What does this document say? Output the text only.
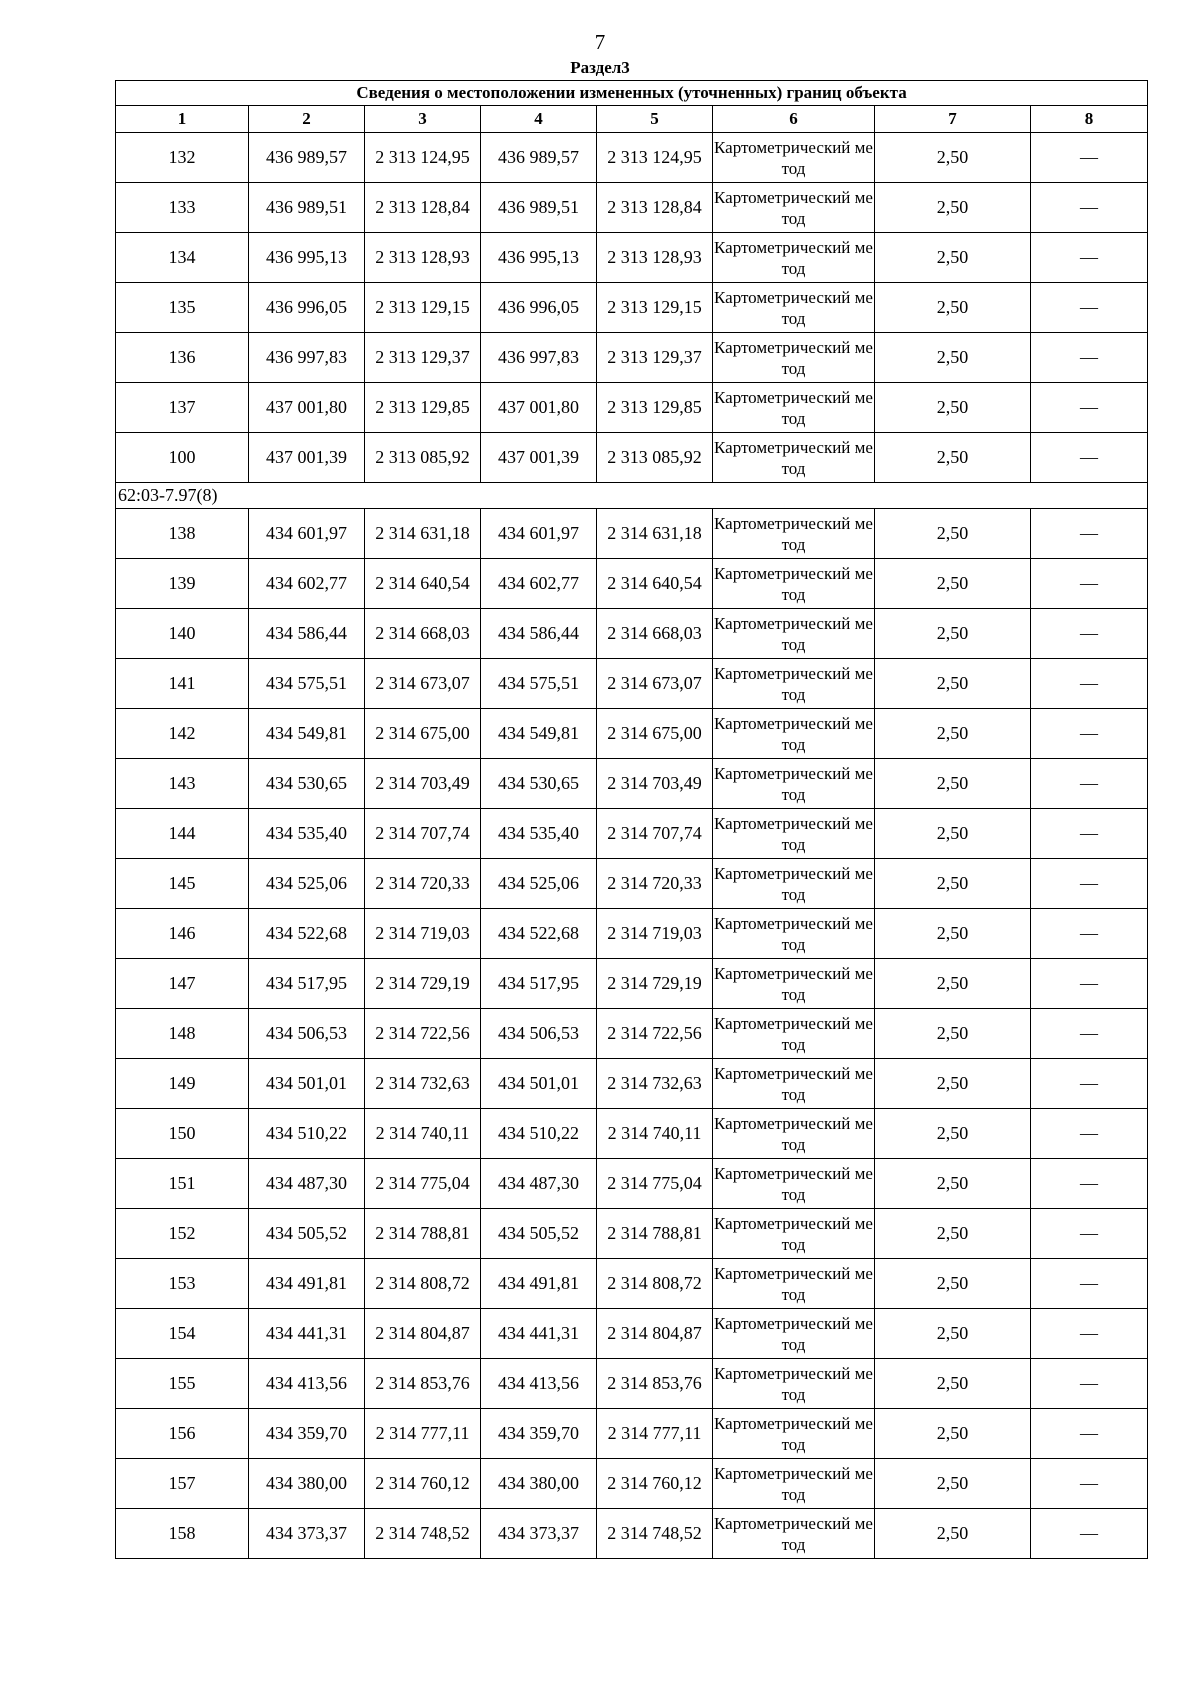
7
Раздел3
Сведения о местоположении измененных (уточненных) границ объекта							
1	2	3	4	5	6	7	8
132	436 989,57	2 313 124,95	436 989,57	2 313 124,95	Картометрический метод	2,50	—
133	436 989,51	2 313 128,84	436 989,51	2 313 128,84	Картометрический метод	2,50	—
134	436 995,13	2 313 128,93	436 995,13	2 313 128,93	Картометрический метод	2,50	—
135	436 996,05	2 313 129,15	436 996,05	2 313 129,15	Картометрический метод	2,50	—
136	436 997,83	2 313 129,37	436 997,83	2 313 129,37	Картометрический метод	2,50	—
137	437 001,80	2 313 129,85	437 001,80	2 313 129,85	Картометрический метод	2,50	—
100	437 001,39	2 313 085,92	437 001,39	2 313 085,92	Картометрический метод	2,50	—
62:03-7.97(8)							
138	434 601,97	2 314 631,18	434 601,97	2 314 631,18	Картометрический метод	2,50	—
139	434 602,77	2 314 640,54	434 602,77	2 314 640,54	Картометрический метод	2,50	—
140	434 586,44	2 314 668,03	434 586,44	2 314 668,03	Картометрический метод	2,50	—
141	434 575,51	2 314 673,07	434 575,51	2 314 673,07	Картометрический метод	2,50	—
142	434 549,81	2 314 675,00	434 549,81	2 314 675,00	Картометрический метод	2,50	—
143	434 530,65	2 314 703,49	434 530,65	2 314 703,49	Картометрический метод	2,50	—
144	434 535,40	2 314 707,74	434 535,40	2 314 707,74	Картометрический метод	2,50	—
145	434 525,06	2 314 720,33	434 525,06	2 314 720,33	Картометрический метод	2,50	—
146	434 522,68	2 314 719,03	434 522,68	2 314 719,03	Картометрический метод	2,50	—
147	434 517,95	2 314 729,19	434 517,95	2 314 729,19	Картометрический метод	2,50	—
148	434 506,53	2 314 722,56	434 506,53	2 314 722,56	Картометрический метод	2,50	—
149	434 501,01	2 314 732,63	434 501,01	2 314 732,63	Картометрический метод	2,50	—
150	434 510,22	2 314 740,11	434 510,22	2 314 740,11	Картометрический метод	2,50	—
151	434 487,30	2 314 775,04	434 487,30	2 314 775,04	Картометрический метод	2,50	—
152	434 505,52	2 314 788,81	434 505,52	2 314 788,81	Картометрический метод	2,50	—
153	434 491,81	2 314 808,72	434 491,81	2 314 808,72	Картометрический метод	2,50	—
154	434 441,31	2 314 804,87	434 441,31	2 314 804,87	Картометрический метод	2,50	—
155	434 413,56	2 314 853,76	434 413,56	2 314 853,76	Картометрический метод	2,50	—
156	434 359,70	2 314 777,11	434 359,70	2 314 777,11	Картометрический метод	2,50	—
157	434 380,00	2 314 760,12	434 380,00	2 314 760,12	Картометрический метод	2,50	—
158	434 373,37	2 314 748,52	434 373,37	2 314 748,52	Картометрический метод	2,50	—
